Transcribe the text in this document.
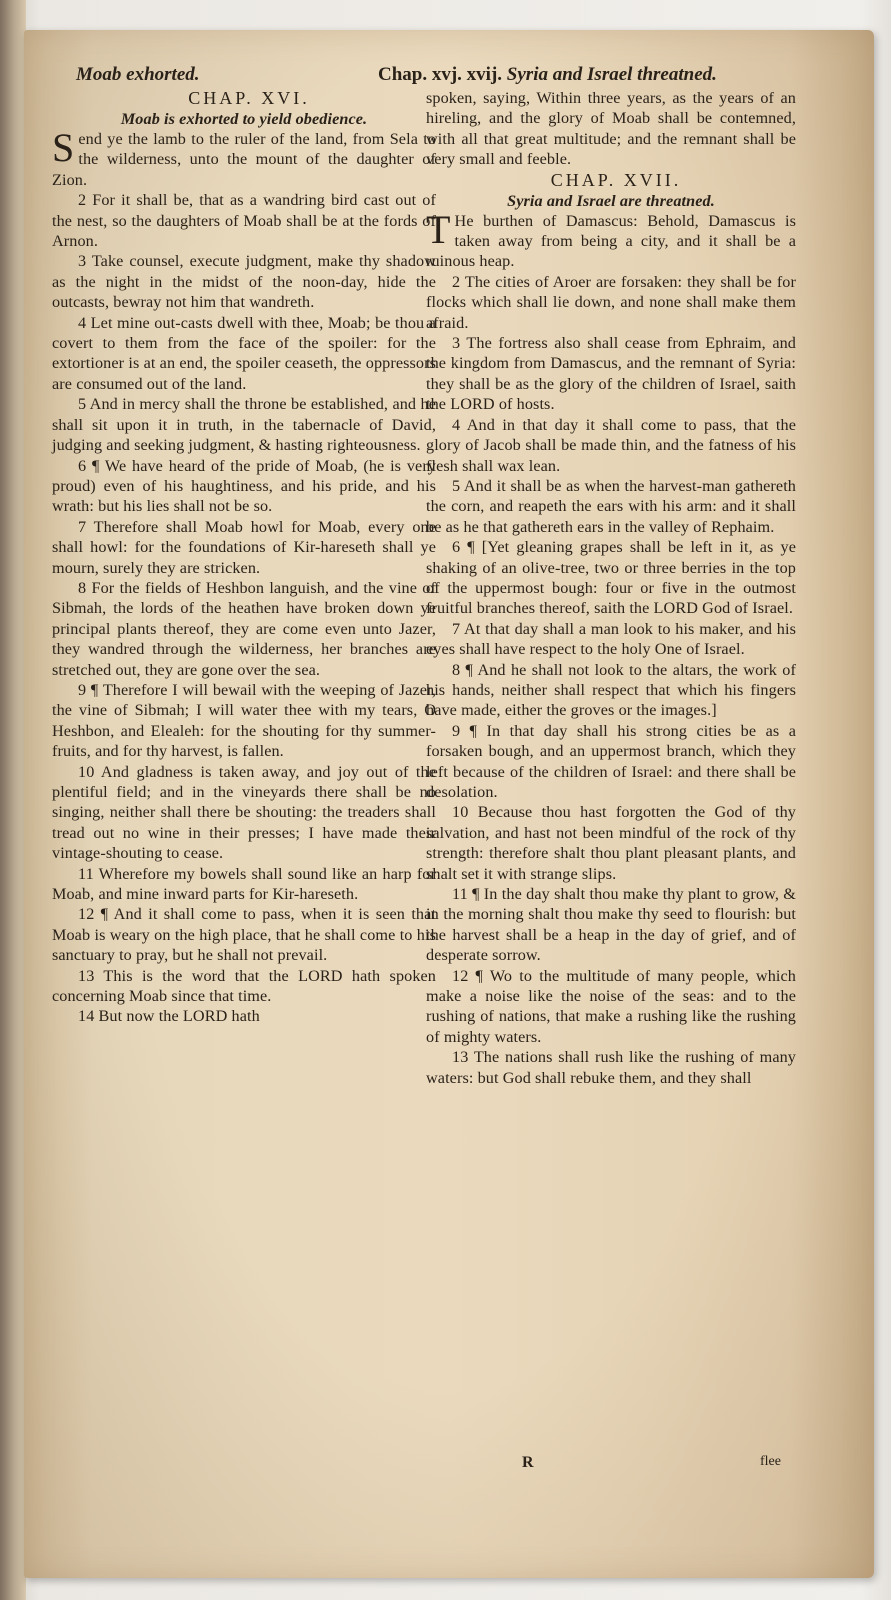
Moab exhorted.	Chap. xvj. xvij. Syria and Israel threatned.

CHAP. XVI.

Moab is exhorted to yield obedience.

Send ye the lamb to the ruler of the land, from Sela to the wilderness, unto the mount of the daughter of Zion.

2 For it shall be, that as a wandring bird cast out of the nest, so the daughters of Moab shall be at the fords of Arnon.

3 Take counsel, execute judgment, make thy shadow as the night in the midst of the noon-day, hide the outcasts, bewray not him that wandreth.

4 Let mine out-casts dwell with thee, Moab; be thou a covert to them from the face of the spoiler: for the extortioner is at an end, the spoiler ceaseth, the oppressors are consumed out of the land.

5 And in mercy shall the throne be established, and he shall sit upon it in truth, in the tabernacle of David, judging and seeking judgment, & hasting righteousness.

6 ¶ We have heard of the pride of Moab, (he is very proud) even of his haughtiness, and his pride, and his wrath: but his lies shall not be so.

7 Therefore shall Moab howl for Moab, every one shall howl: for the foundations of Kir-hareseth shall ye mourn, surely they are stricken.

8 For the fields of Heshbon languish, and the vine of Sibmah, the lords of the heathen have broken down ye principal plants thereof, they are come even unto Jazer, they wandred through the wilderness, her branches are stretched out, they are gone over the sea.

9 ¶ Therefore I will bewail with the weeping of Jazer, the vine of Sibmah; I will water thee with my tears, O Heshbon, and Elealeh: for the shouting for thy summer-fruits, and for thy harvest, is fallen.

10 And gladness is taken away, and joy out of the plentiful field; and in the vineyards there shall be no singing, neither shall there be shouting: the treaders shall tread out no wine in their presses; I have made their vintage-shouting to cease.

11 Wherefore my bowels shall sound like an harp for Moab, and mine inward parts for Kir-hareseth.

12 ¶ And it shall come to pass, when it is seen that Moab is weary on the high place, that he shall come to his sanctuary to pray, but he shall not prevail.

13 This is the word that the LORD hath spoken concerning Moab since that time.

14 But now the LORD hath

spoken, saying, Within three years, as the years of an hireling, and the glory of Moab shall be contemned, with all that great multitude; and the remnant shall be very small and feeble.

CHAP. XVII.

Syria and Israel are threatned.

T He burthen of Damascus: Behold, Damascus is taken away from being a city, and it shall be a ruinous heap.

2 The cities of Aroer are forsaken: they shall be for flocks which shall lie down, and none shall make them afraid.

3 The fortress also shall cease from Ephraim, and the kingdom from Damascus, and the remnant of Syria: they shall be as the glory of the children of Israel, saith the LORD of hosts.

4 And in that day it shall come to pass, that the glory of Jacob shall be made thin, and the fatness of his flesh shall wax lean.

5 And it shall be as when the harvest-man gathereth the corn, and reapeth the ears with his arm: and it shall be as he that gathereth ears in the valley of Rephaim.

6 ¶ [Yet gleaning grapes shall be left in it, as ye shaking of an olive-tree, two or three berries in the top of the uppermost bough: four or five in the outmost fruitful branches thereof, saith the LORD God of Israel.

7 At that day shall a man look to his maker, and his eyes shall have respect to the holy One of Israel.

8 ¶ And he shall not look to the altars, the work of his hands, neither shall respect that which his fingers have made, either the groves or the images.]

9 ¶ In that day shall his strong cities be as a forsaken bough, and an uppermost branch, which they left because of the children of Israel: and there shall be desolation.

10 Because thou hast forgotten the God of thy salvation, and hast not been mindful of the rock of thy strength: therefore shalt thou plant pleasant plants, and shalt set it with strange slips.

11 ¶ In the day shalt thou make thy plant to grow, & in the morning shalt thou make thy seed to flourish: but the harvest shall be a heap in the day of grief, and of desperate sorrow.

12 ¶ Wo to the multitude of many people, which make a noise like the noise of the seas: and to the rushing of nations, that make a rushing like the rushing of mighty waters.

13 The nations shall rush like the rushing of many waters: but God shall rebuke them, and they shall

R	flee
